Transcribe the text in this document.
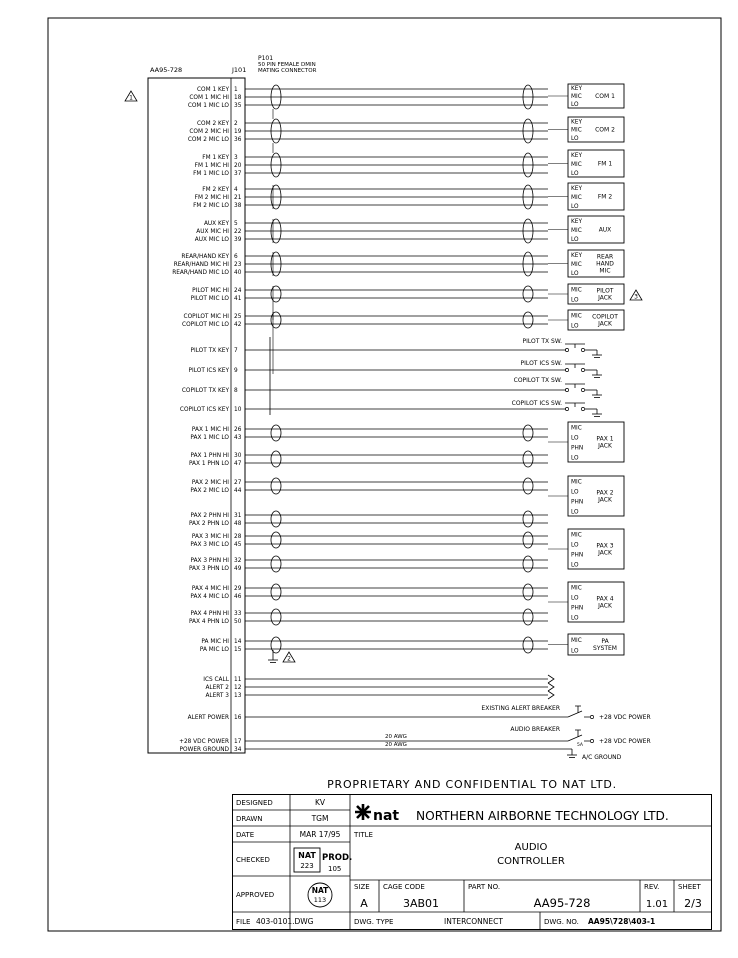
AA95-728	J101
P101
50 PIN FEMALE DMIN
MATING CONNECTOR
1
COM 1 KEY 1
COM 1 MIC HI 18
COM 1 MIC LO 35
COM 2 KEY 2
COM 2 MIC HI 19
COM 2 MIC LO 36
FM 1 KEY 3
FM 1 MIC HI 20
FM 1 MIC LO 37
FM 2 KEY 4
FM 2 MIC HI 21
FM 2 MIC LO 38
AUX KEY 5
AUX MIC HI 22
AUX MIC LO 39
REAR/HAND KEY 6
REAR/HAND MIC HI 23
REAR/HAND MIC LO 40
PILOT MIC HI 24
PILOT MIC LO 41
COPILOT MIC HI 25
COPILOT MIC LO 42
PILOT TX KEY 7
PILOT ICS KEY 9
COPILOT TX KEY 8
COPILOT ICS KEY 10
PAX 1 MIC HI 26
PAX 1 MIC LO 43
PAX 1 PHN HI 30
PAX 1 PHN LO 47
PAX 2 MIC HI 27
PAX 2 MIC LO 44
PAX 2 PHN HI 31
PAX 2 PHN LO 48
PAX 3 MIC HI 28
PAX 3 MIC LO 45
PAX 3 PHN HI 32
PAX 3 PHN LO 49
PAX 4 MIC HI 29
PAX 4 MIC LO 46
PAX 4 PHN HI 33
PAX 4 PHN LO 50
PA MIC HI 14
PA MIC LO 15
ICS CALL 11
ALERT 2 12
ALERT 3 13
ALERT POWER 16
+28 VDC POWER 17
POWER GROUND 34
KEY
MIC
LO
COM 1
KEY
MIC
LO
COM 2
KEY
MIC
LO
FM 1
KEY
MIC
LO
FM 2
KEY
MIC
LO
AUX
KEY
MIC
LO
REAR
HAND
MIC
MIC
LO
PILOT
JACK
MIC
LO
COPILOT
JACK
MIC
LO
PHN
LO
PAX 1
JACK
MIC
LO
PHN
LO
PAX 2
JACK
MIC
LO
PHN
LO
PAX 3
JACK
MIC
LO
PHN
LO
PAX 4
JACK
MIC
LO
PA
SYSTEM
PILOT TX SW.
PILOT ICS SW.
COPILOT TX SW.
COPILOT ICS SW.
2
3
EXISTING ALERT BREAKER
+28 VDC POWER
20 AWG
20 AWG
AUDIO BREAKER
5A
+28 VDC POWER
A/C GROUND
PROPRIETARY AND CONFIDENTIAL TO NAT LTD.
DESIGNED	KV
DRAWN	TGM
DATE	MAR 17/95
CHECKED	NAT
223
PROD.
105
APPROVED	NAT
113
nat NORTHERN AIRBORNE TECHNOLOGY LTD.
TITLE
AUDIO
CONTROLLER
SIZE
A
CAGE CODE
3AB01
PART NO.
AA95-728
REV.
1.01
SHEET
2/3
FILE 403-0101.DWG	DWG. TYPE	INTERCONNECT	DWG. NO. AA95\728\403-1
